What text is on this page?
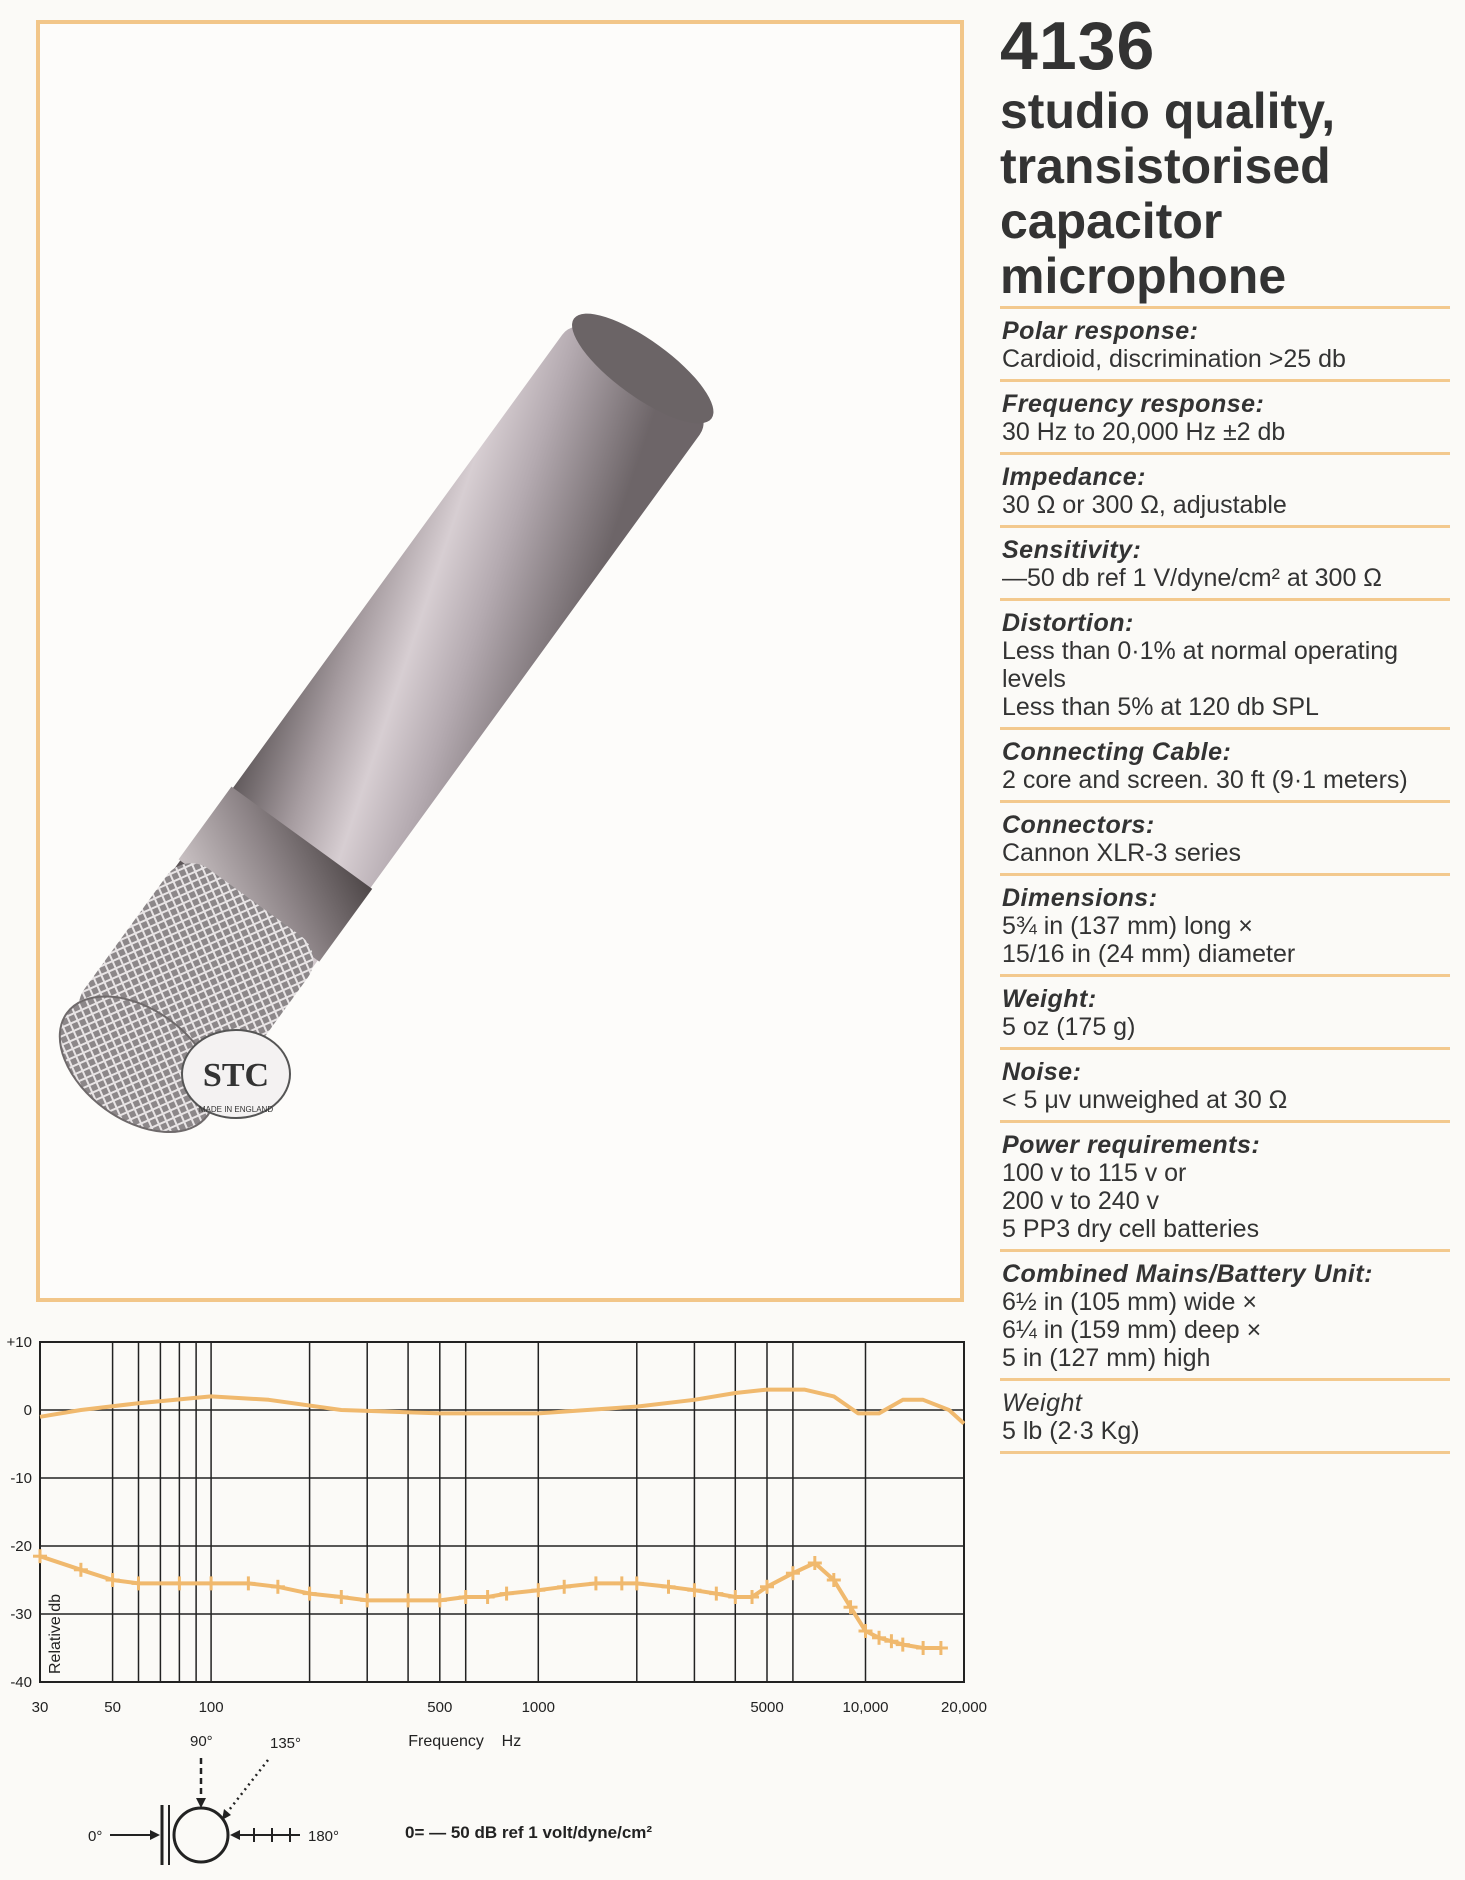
STC
MADE IN ENGLAND
4136
studio quality,
transistorised
capacitor
microphone
Polar response:
Cardioid, discrimination >25 db
Frequency response:
30 Hz to 20,000 Hz ±2 db
Impedance:
30 Ω or 300 Ω, adjustable
Sensitivity:
—50 db ref 1 V/dyne/cm² at 300 Ω
Distortion:
Less than 0·1% at normal operating
levels
Less than 5% at 120 db SPL
Connecting Cable:
2 core and screen. 30 ft (9·1 meters)
Connectors:
Cannon XLR-3 series
Dimensions:
5¾ in (137 mm) long ×
15/16 in (24 mm) diameter
Weight:
5 oz (175 g)
Noise:
< 5 μv unweighed at 30 Ω
Power requirements:
100 v to 115 v or
200 v to 240 v
5 PP3 dry cell batteries
Combined Mains/Battery Unit:
6½ in (105 mm) wide ×
6¼ in (159 mm) deep ×
5 in (127 mm) high
Weight
5 lb (2·3 Kg)
+10
0
-10
-20
-30
-40
30	50	100	500	1000	5000	10,000	20,000
Relative db
Frequency    Hz
0°
90°	135°
180°	0= — 50 dB ref 1 volt/dyne/cm²
